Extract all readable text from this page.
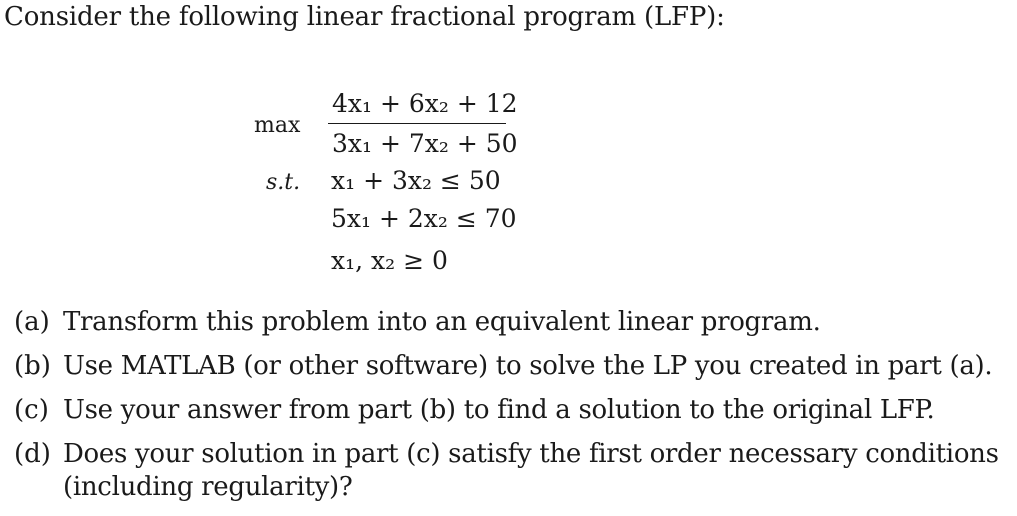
Consider the following linear fractional program (LFP):
max
4x₁ + 6x₂ + 12
3x₁ + 7x₂ + 50
s.t. x₁ + 3x₂ ≤ 50
5x₁ + 2x₂ ≤ 70
x₁, x₂ ≥ 0
(a) Transform this problem into an equivalent linear program.
(b) Use MATLAB (or other software) to solve the LP you created in part (a).
(c) Use your answer from part (b) to find a solution to the original LFP.
(d) Does your solution in part (c) satisfy the first order necessary conditions (including regularity)?
